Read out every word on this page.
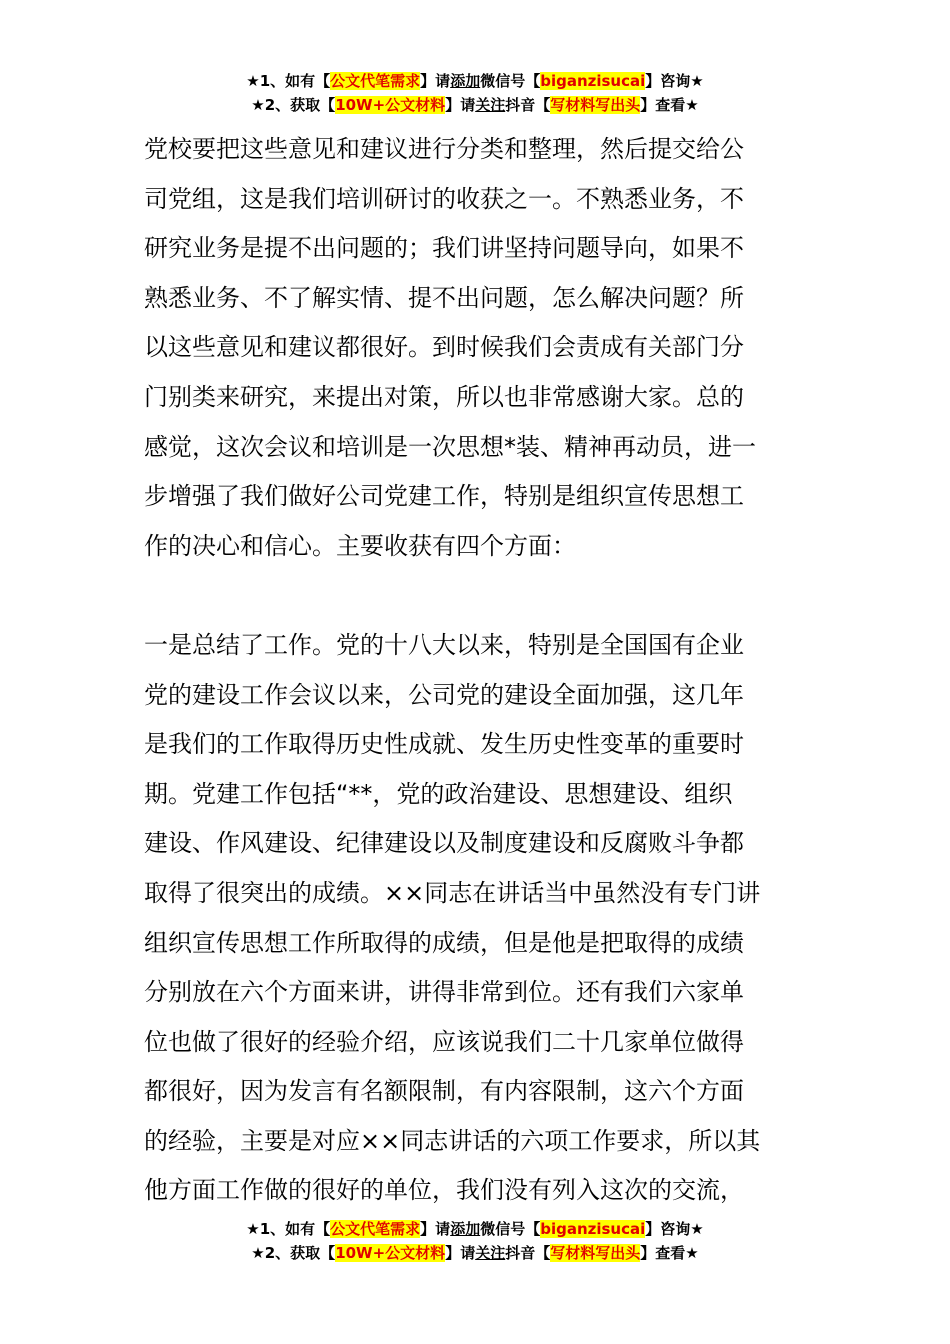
★1、如有【公文代笔需求】请添加微信号【biganzisucai】咨询★
★2、获取【10W+公文材料】请关注抖音【写材料写出头】查看★
党校要把这些意见和建议进行分类和整理，然后提交给公
司党组，这是我们培训研讨的收获之一。不熟悉业务，不
研究业务是提不出问题的；我们讲坚持问题导向，如果不
熟悉业务、不了解实情、提不出问题，怎么解决问题？所
以这些意见和建议都很好。到时候我们会责成有关部门分
门别类来研究，来提出对策，所以也非常感谢大家。总的
感觉，这次会议和培训是一次思想*装、精神再动员，进一
步增强了我们做好公司党建工作，特别是组织宣传思想工
作的决心和信心。主要收获有四个方面：
一是总结了工作。党的十八大以来，特别是全国国有企业
党的建设工作会议以来，公司党的建设全面加强，这几年
是我们的工作取得历史性成就、发生历史性变革的重要时
期。党建工作包括“**，党的政治建设、思想建设、组织
建设、作风建设、纪律建设以及制度建设和反腐败斗争都
取得了很突出的成绩。××同志在讲话当中虽然没有专门讲
组织宣传思想工作所取得的成绩，但是他是把取得的成绩
分别放在六个方面来讲，讲得非常到位。还有我们六家单
位也做了很好的经验介绍，应该说我们二十几家单位做得
都很好，因为发言有名额限制，有内容限制，这六个方面
的经验，主要是对应××同志讲话的六项工作要求，所以其
他方面工作做的很好的单位，我们没有列入这次的交流，
★1、如有【公文代笔需求】请添加微信号【biganzisucai】咨询★
★2、获取【10W+公文材料】请关注抖音【写材料写出头】查看★
